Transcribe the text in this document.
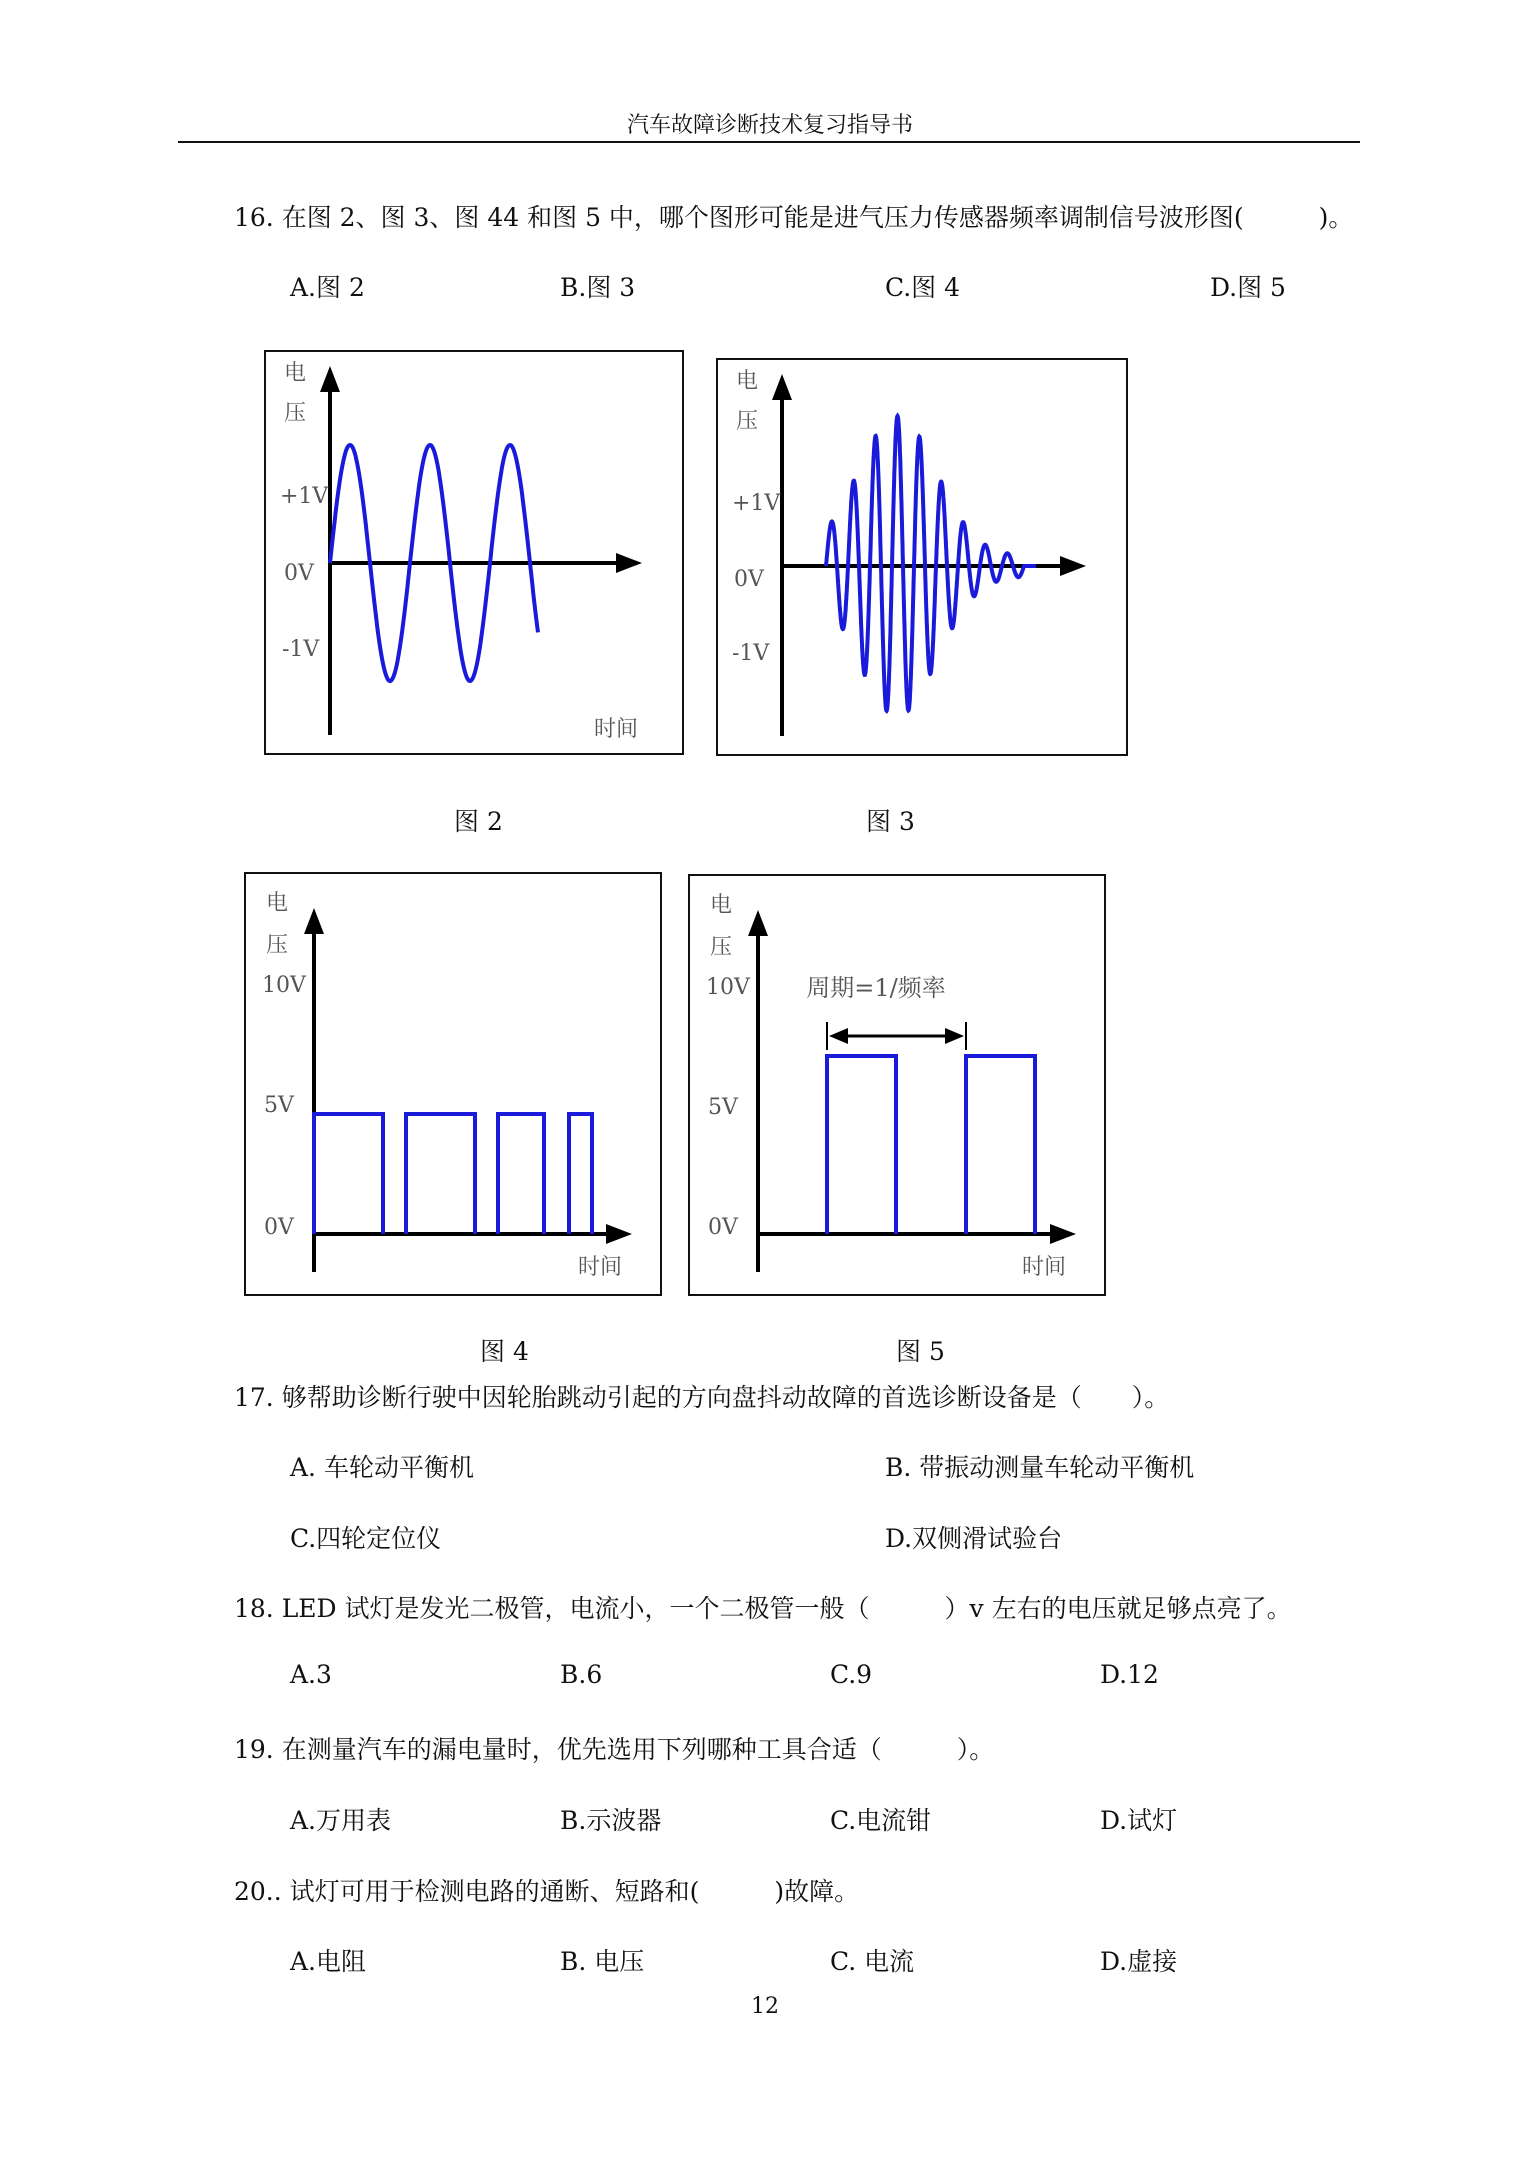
汽车故障诊断技术复习指导书
16. 在图 2、图 3、图 44 和图 5 中，哪个图形可能是进气压力传感器频率调制信号波形图(　　　)。
A.图 2	B.图 3	C.图 4	D.图 5
电
压
+1V
0V
-1V
时间
电
压
+1V
0V
-1V
图 2	图 3
电
压
10V
5V
0V
时间
周期=1/频率
电
压
10V
5V
0V
时间
图 4	图 5
17. 够帮助诊断行驶中因轮胎跳动引起的方向盘抖动故障的首选诊断设备是（　　）。
A. 车轮动平衡机	B. 带振动测量车轮动平衡机
C.四轮定位仪	D.双侧滑试验台
18. LED 试灯是发光二极管，电流小，一个二极管一般（　　　）v 左右的电压就足够点亮了。
A.3	B.6	C.9	D.12
19. 在测量汽车的漏电量时，优先选用下列哪种工具合适（　　　）。
A.万用表	B.示波器	C.电流钳	D.试灯
20.. 试灯可用于检测电路的通断、短路和(　　　)故障。
A.电阻	B. 电压	C. 电流	D.虚接
12
